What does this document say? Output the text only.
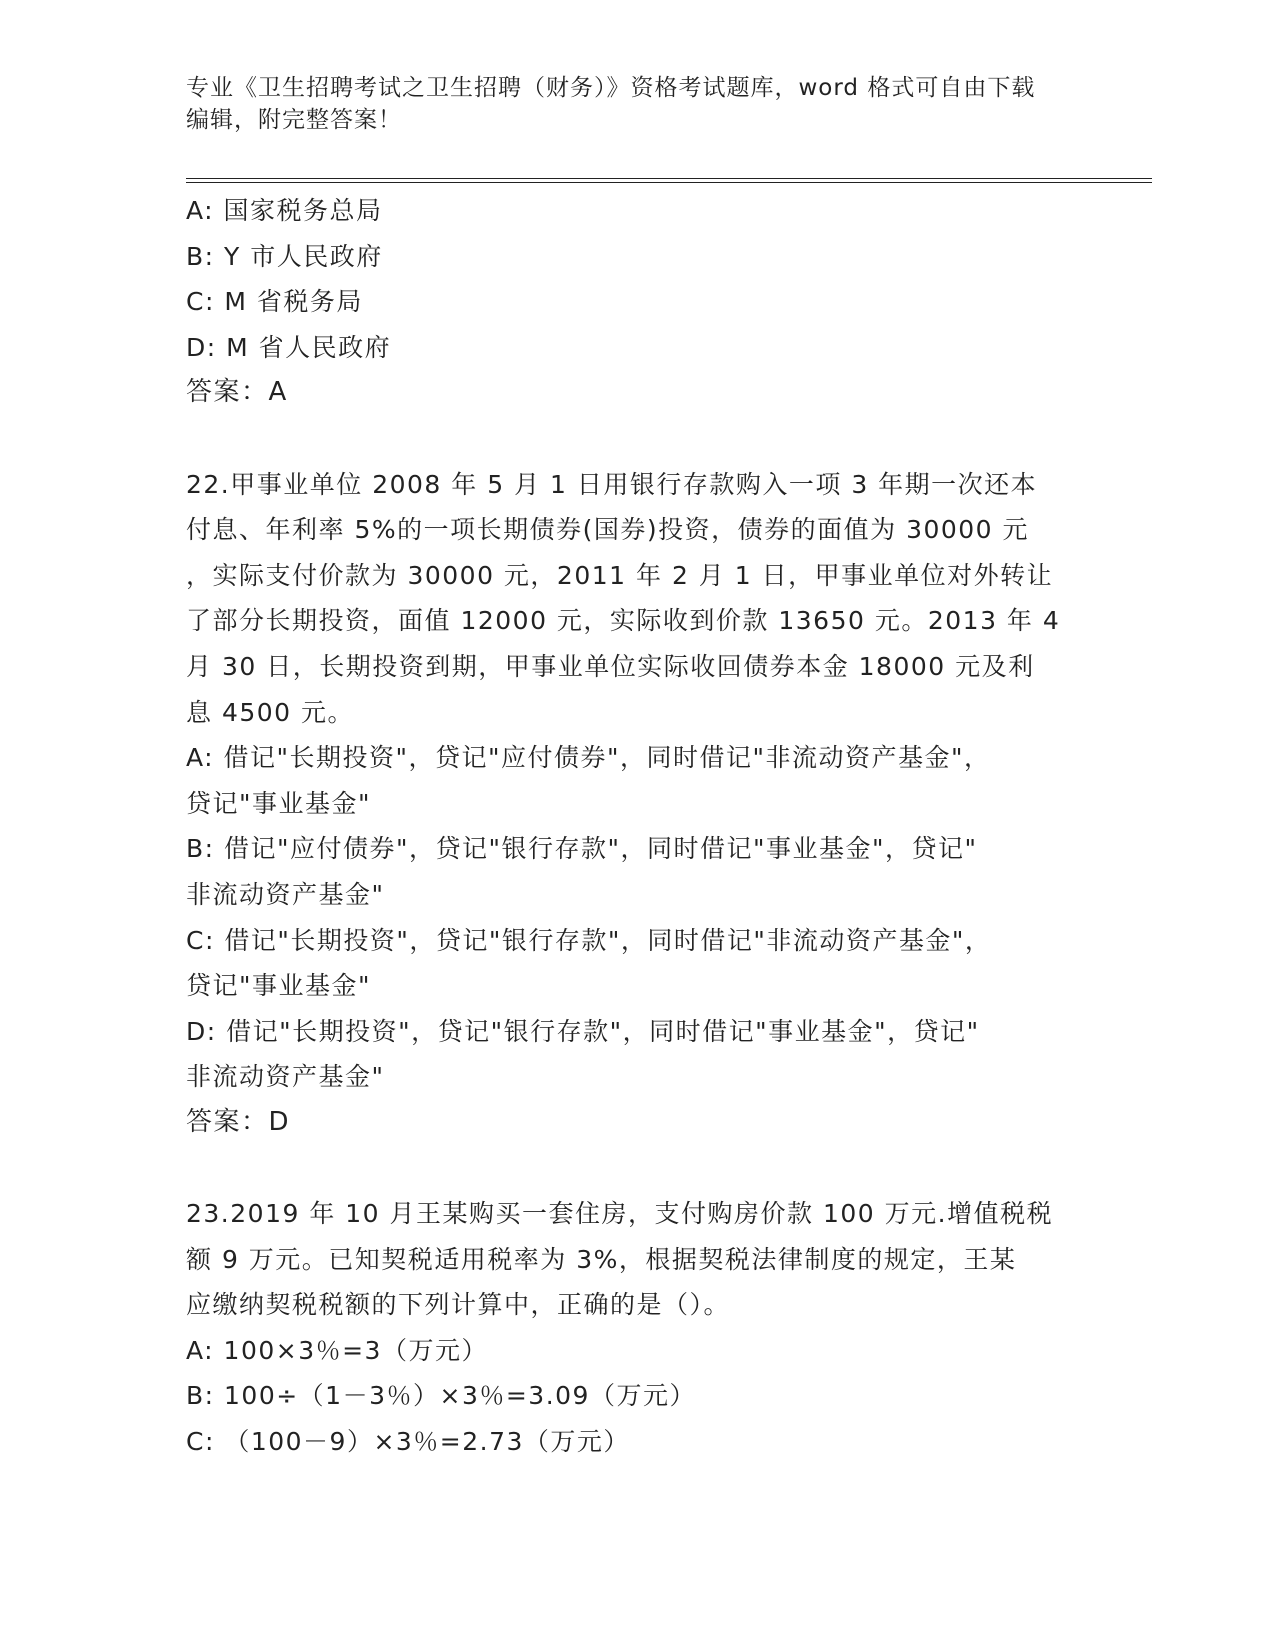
专业《卫生招聘考试之卫生招聘（财务）》资格考试题库，word 格式可自由下载
编辑，附完整答案！
A: 国家税务总局
B: Y 市人民政府
C: M 省税务局
D: M 省人民政府
答案：A
22.甲事业单位 2008 年 5 月 1 日用银行存款购入一项 3 年期一次还本
付息、年利率 5%的一项长期债券(国券)投资，债券的面值为 30000 元
，实际支付价款为 30000 元，2011 年 2 月 1 日，甲事业单位对外转让
了部分长期投资，面值 12000 元，实际收到价款 13650 元。2013 年 4
月 30 日，长期投资到期，甲事业单位实际收回债券本金 18000 元及利
息 4500 元。
A: 借记"长期投资"，贷记"应付债券"，同时借记"非流动资产基金"，
贷记"事业基金"
B: 借记"应付债券"，贷记"银行存款"，同时借记"事业基金"，贷记"
非流动资产基金"
C: 借记"长期投资"，贷记"银行存款"，同时借记"非流动资产基金"，
贷记"事业基金"
D: 借记"长期投资"，贷记"银行存款"，同时借记"事业基金"，贷记"
非流动资产基金"
答案：D
23.2019 年 10 月王某购买一套住房，支付购房价款 100 万元.增值税税
额 9 万元。已知契税适用税率为 3%，根据契税法律制度的规定，王某
应缴纳契税税额的下列计算中，正确的是（）。
A: 100×3％=3（万元）
B: 100÷（1－3％）×3％=3.09（万元）
C: （100－9）×3％=2.73（万元）
